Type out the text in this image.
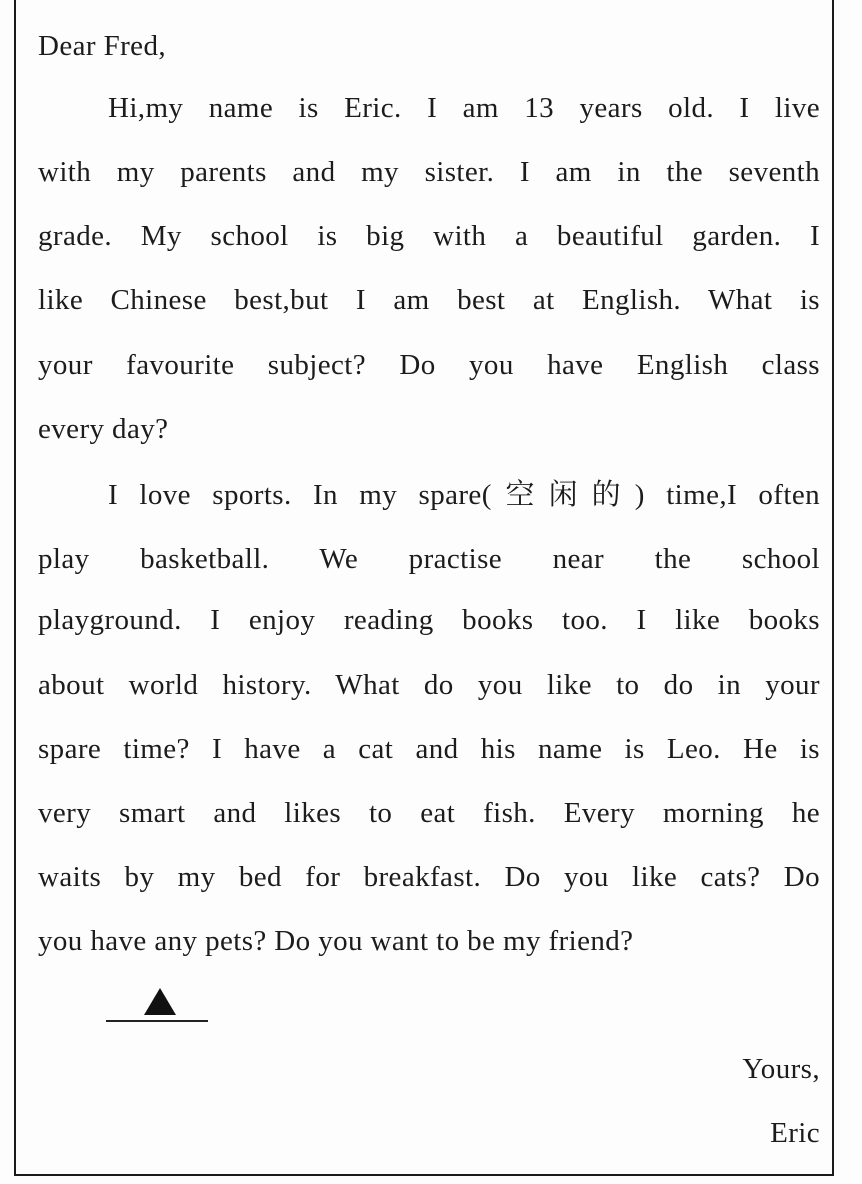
Dear Fred,
Hi,my name is Eric. I am 13 years old. I live
with my parents and my sister. I am in the seventh
grade. My school is big with a beautiful garden. I
like Chinese best,but I am best at English. What is
your favourite subject? Do you have English class
every day?
I love sports. In my spare(空闲的) time,I often
play basketball. We practise near the school
playground. I enjoy reading books too. I like books
about world history. What do you like to do in your
spare time? I have a cat and his name is Leo. He is
very smart and likes to eat fish. Every morning he
waits by my bed for breakfast. Do you like cats? Do
you have any pets? Do you want to be my friend?
Yours,
Eric
